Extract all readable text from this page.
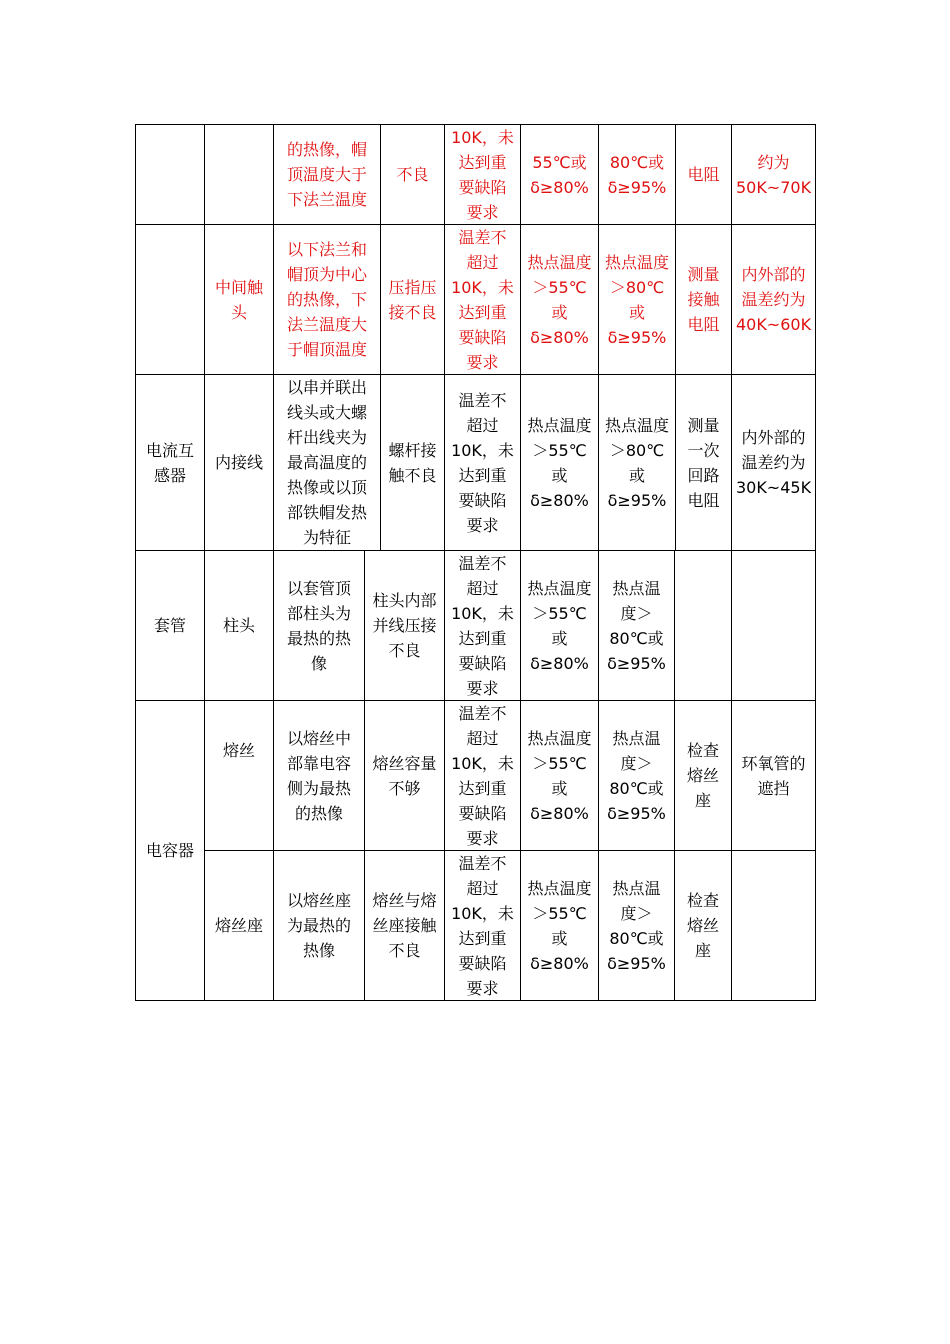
的热像，帽顶温度大于下法兰温度
不良
10K，未达到重要缺陷要求
55℃或δ≥80%
80℃或δ≥95%
电阻
约为50K~70K
中间触头
以下法兰和帽顶为中心的热像，下法兰温度大于帽顶温度
压指压接不良
温差不超过10K，未达到重要缺陷要求
热点温度＞55℃或δ≥80%
热点温度＞80℃或δ≥95%
测量接触电阻
内外部的温差约为40K~60K
电流互感器
内接线
以串并联出线头或大螺杆出线夹为最高温度的热像或以顶部铁帽发热为特征
螺杆接触不良
温差不超过10K，未达到重要缺陷要求
热点温度＞55℃或δ≥80%
热点温度＞80℃或δ≥95%
测量一次回路电阻
内外部的温差约为30K~45K
套管 柱头
以套管顶部柱头为最热的热像
柱头内部并线压接不良
温差不超过10K，未达到重要缺陷要求
热点温度＞55℃或δ≥80%
热点温度＞80℃或δ≥95%
电容器
熔丝
以熔丝中部靠电容侧为最热的热像
熔丝容量不够
温差不超过10K，未达到重要缺陷要求
热点温度＞55℃或δ≥80%
热点温度＞80℃或δ≥95%
检查熔丝座
环氧管的遮挡
熔丝座
以熔丝座为最热的热像
熔丝与熔丝座接触不良
温差不超过10K，未达到重要缺陷要求
热点温度＞55℃或δ≥80%
热点温度＞80℃或δ≥95%
检查熔丝座
